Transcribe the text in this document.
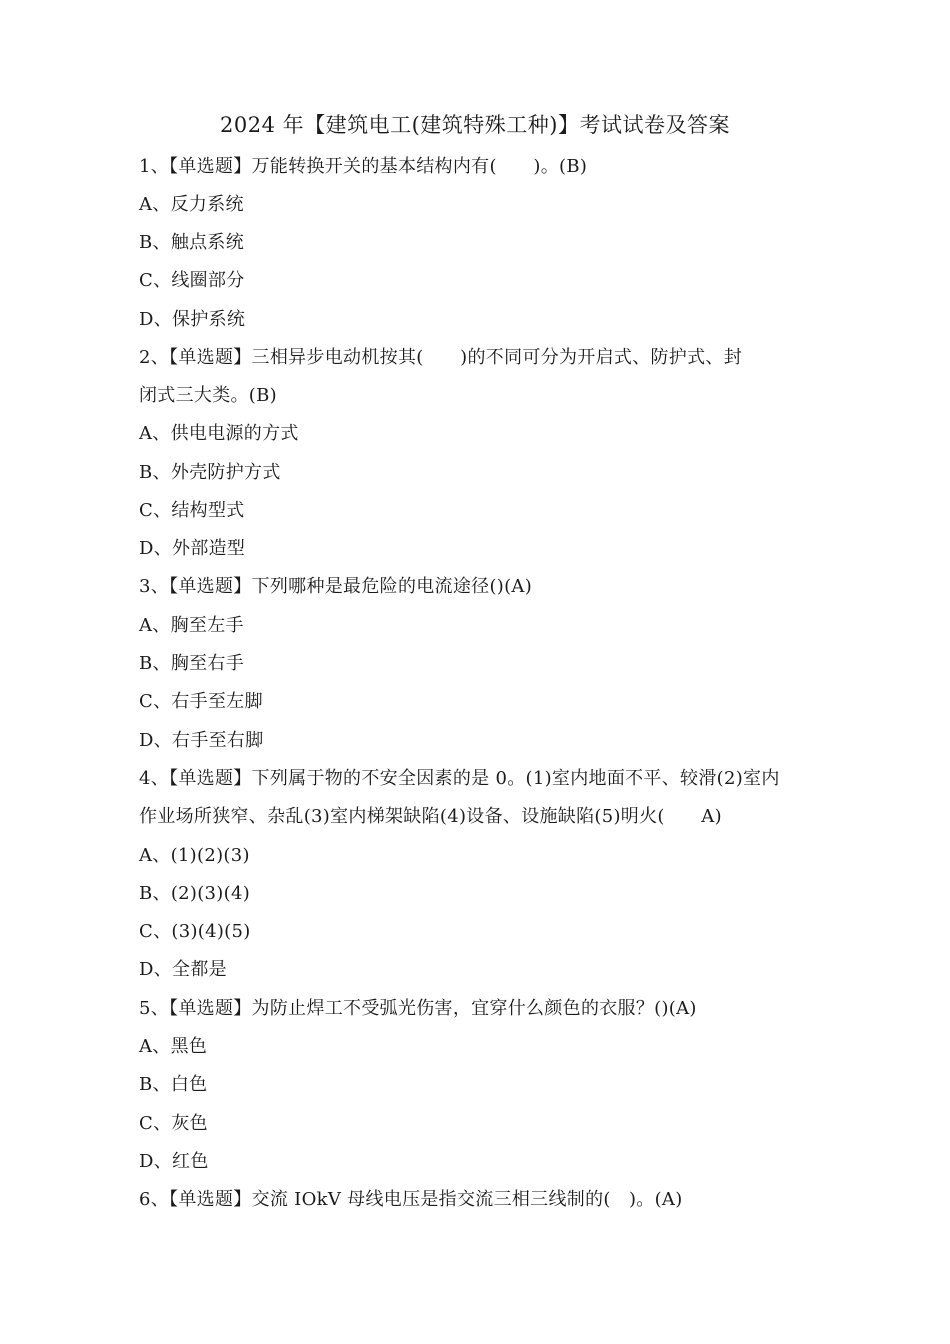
2024 年【建筑电工(建筑特殊工种)】考试试卷及答案
1、【单选题】万能转换开关的基本结构内有(　　)。(B)
A、反力系统
B、触点系统
C、线圈部分
D、保护系统
2、【单选题】三相异步电动机按其(　　)的不同可分为开启式、防护式、封
闭式三大类。(B)
A、供电电源的方式
B、外壳防护方式
C、结构型式
D、外部造型
3、【单选题】下列哪种是最危险的电流途径()(A)
A、胸至左手
B、胸至右手
C、右手至左脚
D、右手至右脚
4、【单选题】下列属于物的不安全因素的是 0。(1)室内地面不平、较滑(2)室内
作业场所狭窄、杂乱(3)室内梯架缺陷(4)设备、设施缺陷(5)明火(　　A)
A、(1)(2)(3)
B、(2)(3)(4)
C、(3)(4)(5)
D、全都是
5、【单选题】为防止焊工不受弧光伤害，宜穿什么颜色的衣服？()(A)
A、黑色
B、白色
C、灰色
D、红色
6、【单选题】交流 IOkV 母线电压是指交流三相三线制的(　)。(A)
